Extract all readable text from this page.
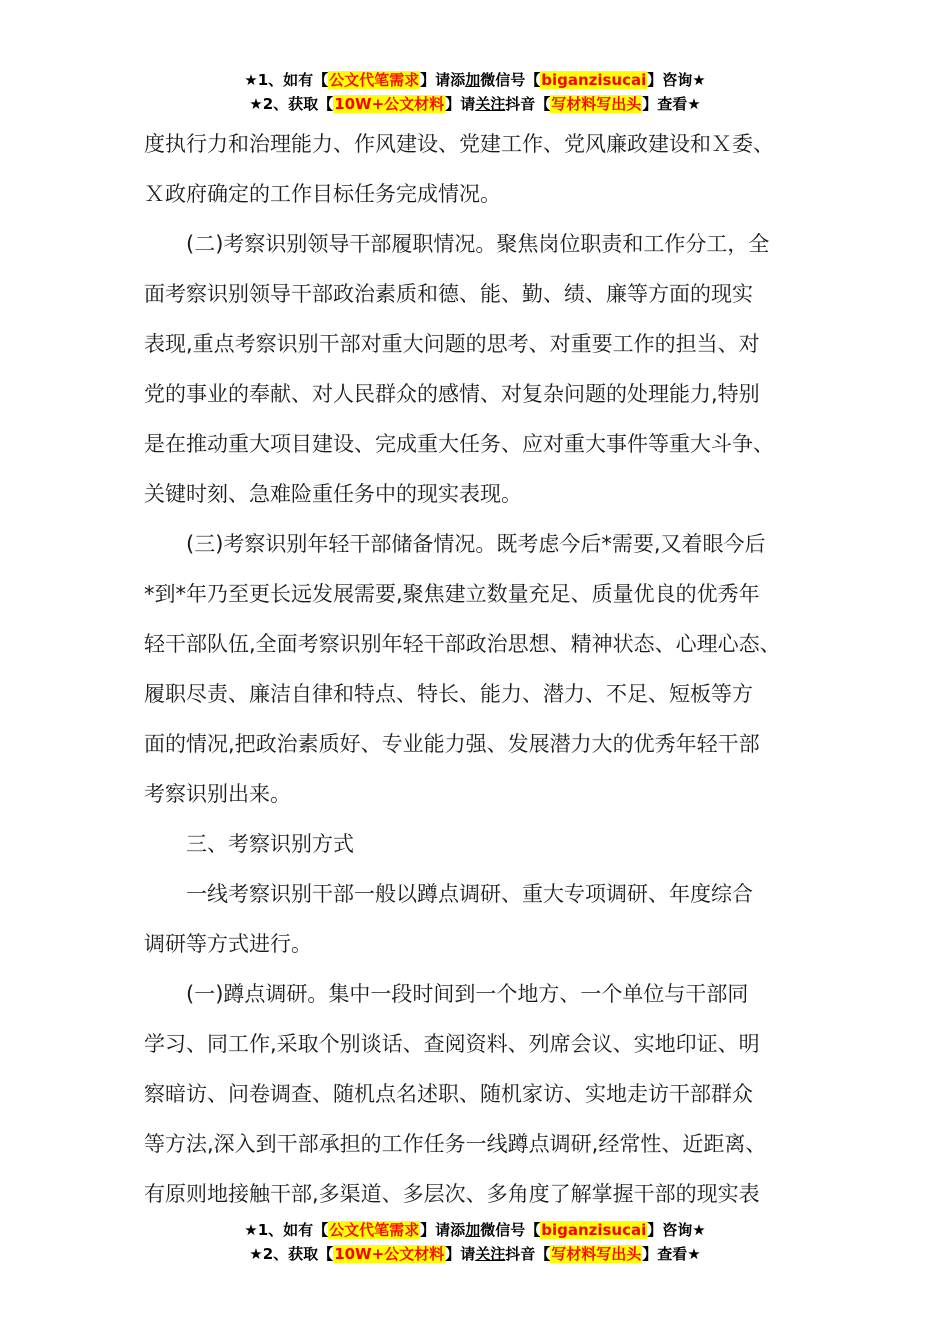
★1、如有【公文代笔需求】请添加微信号【biganzisucai】咨询★
★2、获取【10W+公文材料】请关注抖音【写材料写出头】查看★

度执行力和治理能力、作风建设、党建工作、党风廉政建设和Ｘ委、

Ｘ政府确定的工作目标任务完成情况。

　　(二)考察识别领导干部履职情况。聚焦岗位职责和工作分工，全

面考察识别领导干部政治素质和德、能、勤、绩、廉等方面的现实

表现,重点考察识别干部对重大问题的思考、对重要工作的担当、对

党的事业的奉献、对人民群众的感情、对复杂问题的处理能力,特别

是在推动重大项目建设、完成重大任务、应对重大事件等重大斗争、

关键时刻、急难险重任务中的现实表现。

　　(三)考察识别年轻干部储备情况。既考虑今后*需要,又着眼今后

*到*年乃至更长远发展需要,聚焦建立数量充足、质量优良的优秀年

轻干部队伍,全面考察识别年轻干部政治思想、精神状态、心理心态、

履职尽责、廉洁自律和特点、特长、能力、潜力、不足、短板等方

面的情况,把政治素质好、专业能力强、发展潜力大的优秀年轻干部

考察识别出来。

　　三、考察识别方式

　　一线考察识别干部一般以蹲点调研、重大专项调研、年度综合

调研等方式进行。

　　(一)蹲点调研。集中一段时间到一个地方、一个单位与干部同

学习、同工作,采取个别谈话、查阅资料、列席会议、实地印证、明

察暗访、问卷调查、随机点名述职、随机家访、实地走访干部群众

等方法,深入到干部承担的工作任务一线蹲点调研,经常性、近距离、

有原则地接触干部,多渠道、多层次、多角度了解掌握干部的现实表

★1、如有【公文代笔需求】请添加微信号【biganzisucai】咨询★
★2、获取【10W+公文材料】请关注抖音【写材料写出头】查看★
